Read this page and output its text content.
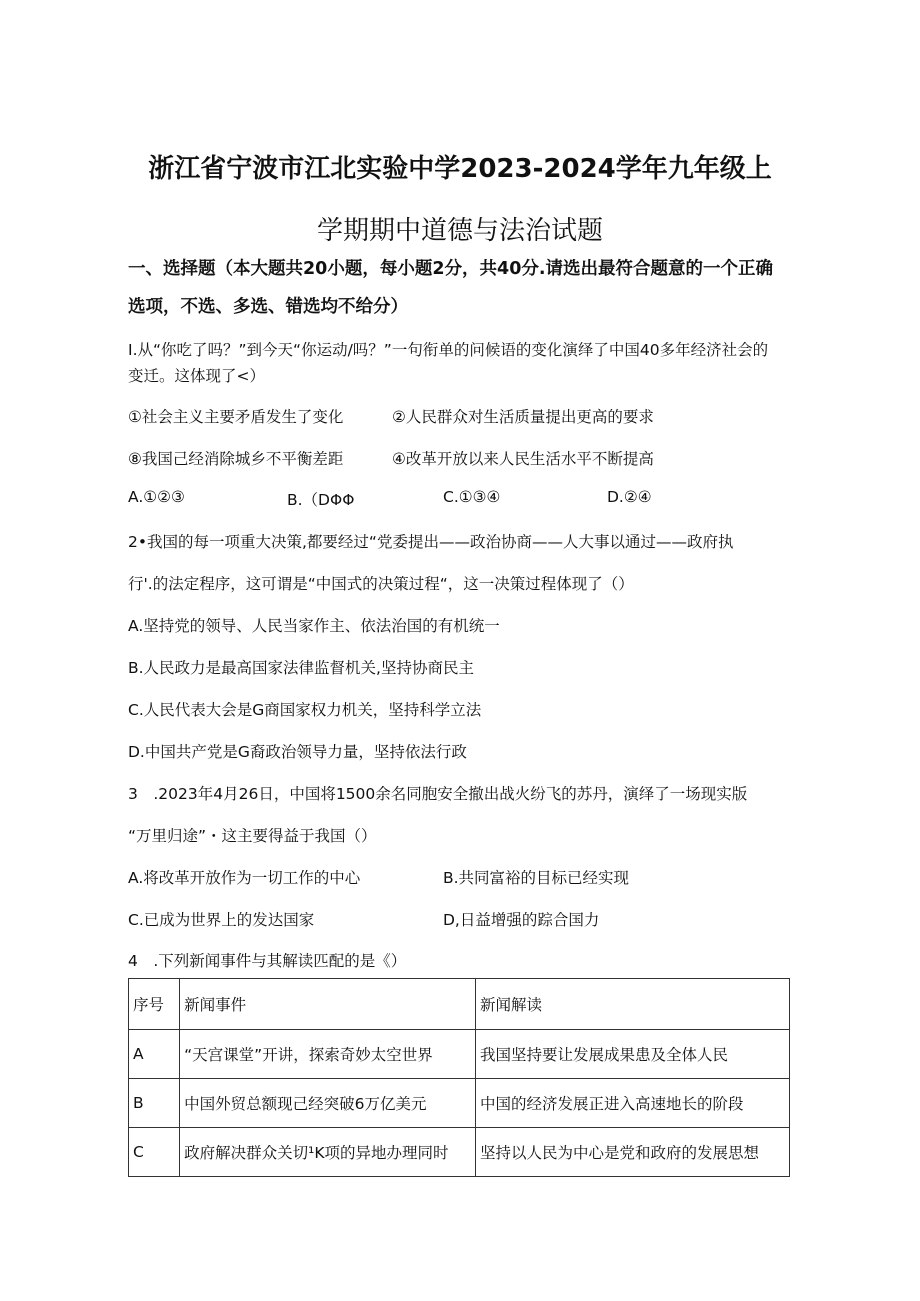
浙江省宁波市江北实验中学2023-2024学年九年级上
学期期中道德与法治试题
一、选择题（本大题共20小题，每小题2分，共40分.请选出最符合题意的一个正确
选项，不选、多选、错选均不给分）
I.从“你吃了吗？”到今天“你运动/吗？”一句衔单的问候语的变化演绎了中国40多年经济社会的
变迁。这体现了<）
①社会主义主要矛盾发生了变化	②人民群众对生活质量提出更高的要求
⑧我国己经消除城乡不平衡差距	④改革开放以来人民生活水平不断提高
A.①②③	B.（DΦΦ	C.①③④	D.②④
2•我国的每一项重大决策,都要经过“党委提出——政治协商——人大事以通过——政府执
行'.的法定程序，这可谓是“中国式的决策过程“，这一决策过程体现了（）
A.坚持党的领导、人民当家作主、依法治国的有机统一
B.人民政力是最高国家法律监督机关,坚持协商民主
C.人民代表大会是G商国家权力机关，坚持科学立法
D.中国共产党是G裔政治领导力量，坚持依法行政
3　.2023年4月26日，中国将1500余名同胞安全撤出战火纷飞的苏丹，演绎了一场现实版
“万里归途”・这主要得益于我国（）
A.将改革开放作为一切工作的中心	B.共同富裕的目标已经实现
C.已成为世界上的发达国家	D,日益增强的踪合国力
4　.下列新闻事件与其解读匹配的是《）
序号	新闻事件	新闻解读
A	“天宫课堂”开讲，探索奇妙太空世界	我国坚持要让发展成果患及全体人民
B	中国外贸总额现己经突破6万亿美元	中国的经济发展正进入高速地长的阶段
C	政府解决群众关切¹K项的异地办理同时	坚持以人民为中心是党和政府的发展思想
